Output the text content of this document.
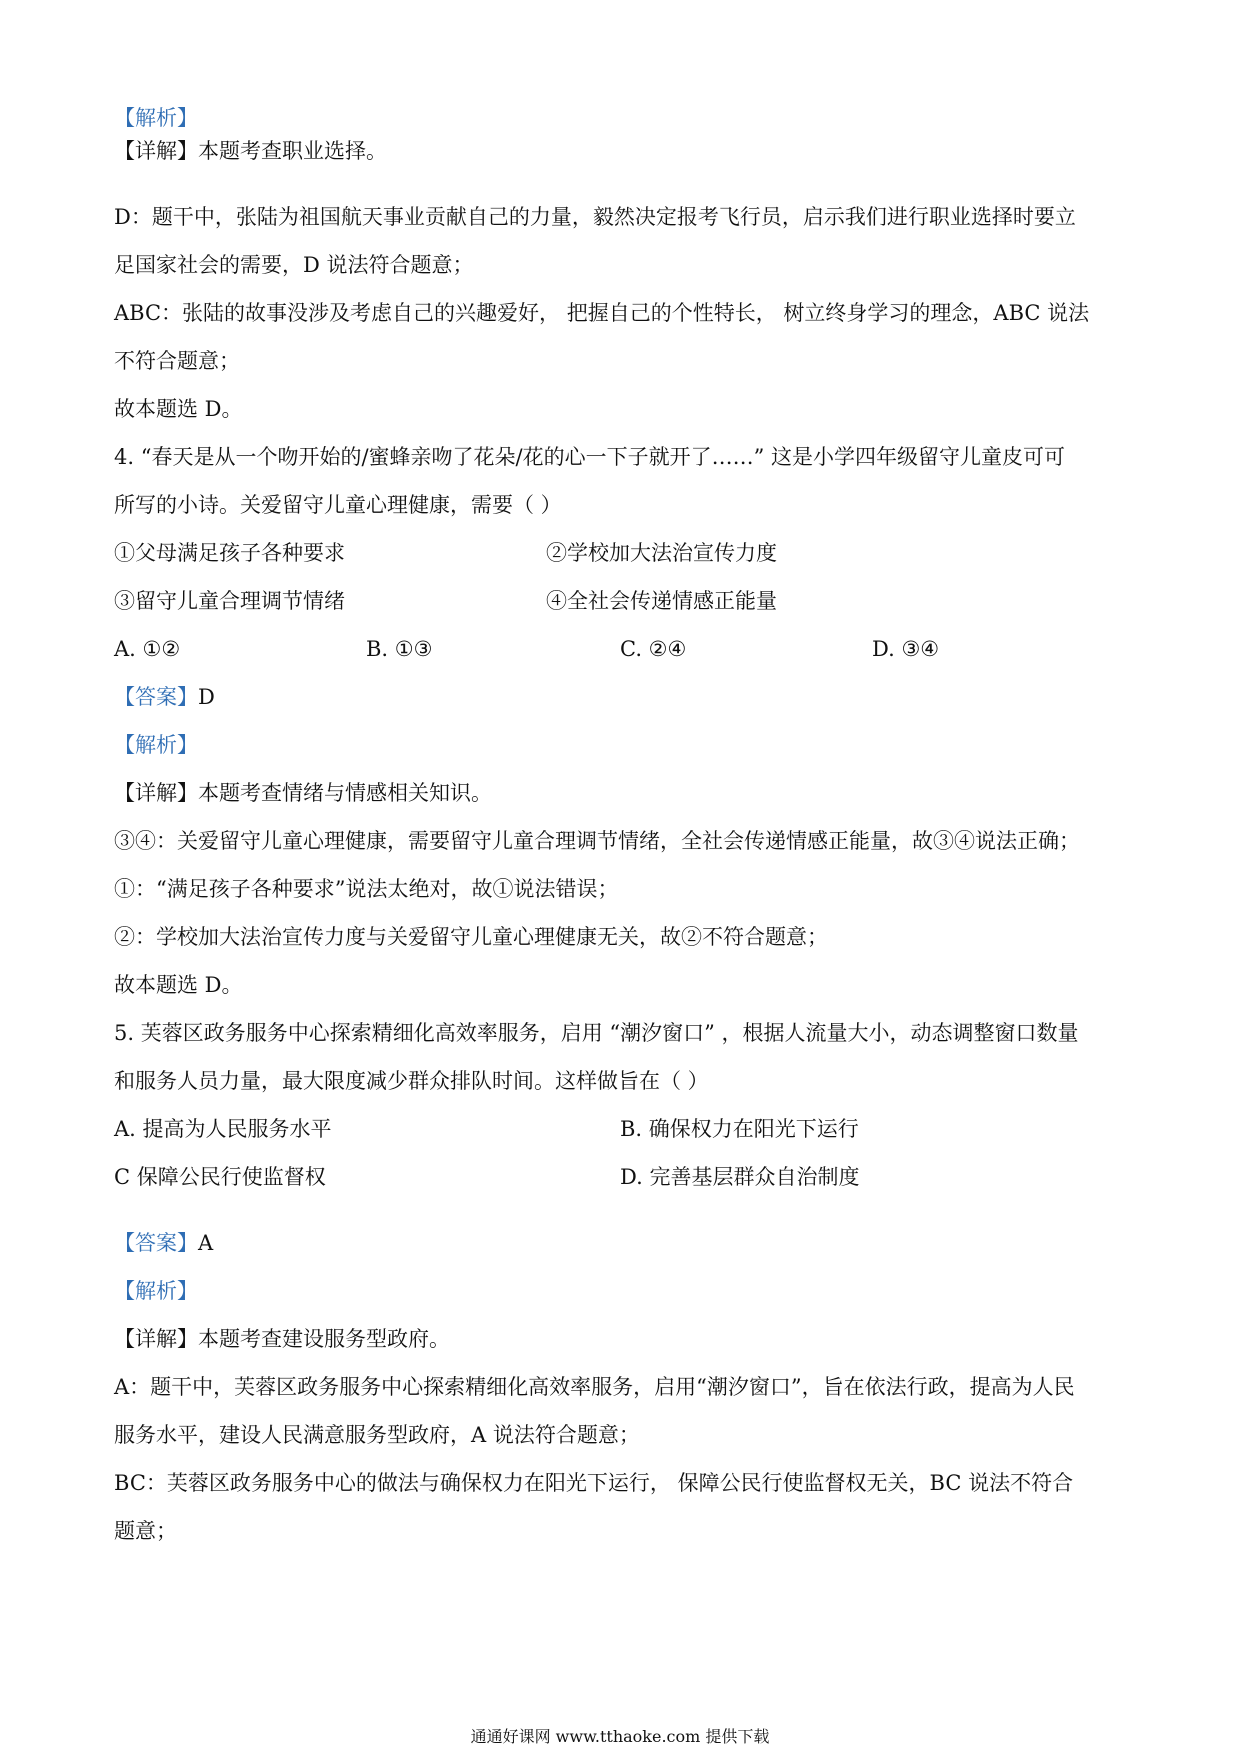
【解析】
【详解】本题考查职业选择。
D：题干中，张陆为祖国航天事业贡献自己的力量，毅然决定报考飞行员，启示我们进行职业选择时要立
足国家社会的需要，D 说法符合题意；
ABC：张陆的故事没涉及考虑自己的兴趣爱好， 把握自己的个性特长， 树立终身学习的理念，ABC 说法
不符合题意；
故本题选 D。
4. “春天是从一个吻开始的/蜜蜂亲吻了花朵/花的心一下子就开了……” 这是小学四年级留守儿童皮可可
所写的小诗。关爱留守儿童心理健康，需要（ ）
①父母满足孩子各种要求	②学校加大法治宣传力度
③留守儿童合理调节情绪	④全社会传递情感正能量
A. ①②	B. ①③	C. ②④	D. ③④
【答案】D
【解析】
【详解】本题考查情绪与情感相关知识。
③④：关爱留守儿童心理健康，需要留守儿童合理调节情绪，全社会传递情感正能量，故③④说法正确；
①：“满足孩子各种要求”说法太绝对，故①说法错误；
②：学校加大法治宣传力度与关爱留守儿童心理健康无关，故②不符合题意；
故本题选 D。
5. 芙蓉区政务服务中心探索精细化高效率服务，启用 “潮汐窗口” ，根据人流量大小，动态调整窗口数量
和服务人员力量，最大限度减少群众排队时间。这样做旨在（ ）
A. 提高为人民服务水平	B. 确保权力在阳光下运行
C 保障公民行使监督权	D. 完善基层群众自治制度
【答案】A
【解析】
【详解】本题考查建设服务型政府。
A：题干中，芙蓉区政务服务中心探索精细化高效率服务，启用“潮汐窗口”，旨在依法行政，提高为人民
服务水平，建设人民满意服务型政府，A 说法符合题意；
BC：芙蓉区政务服务中心的做法与确保权力在阳光下运行， 保障公民行使监督权无关，BC 说法不符合
题意；
通通好课网 www.tthaoke.com 提供下载
